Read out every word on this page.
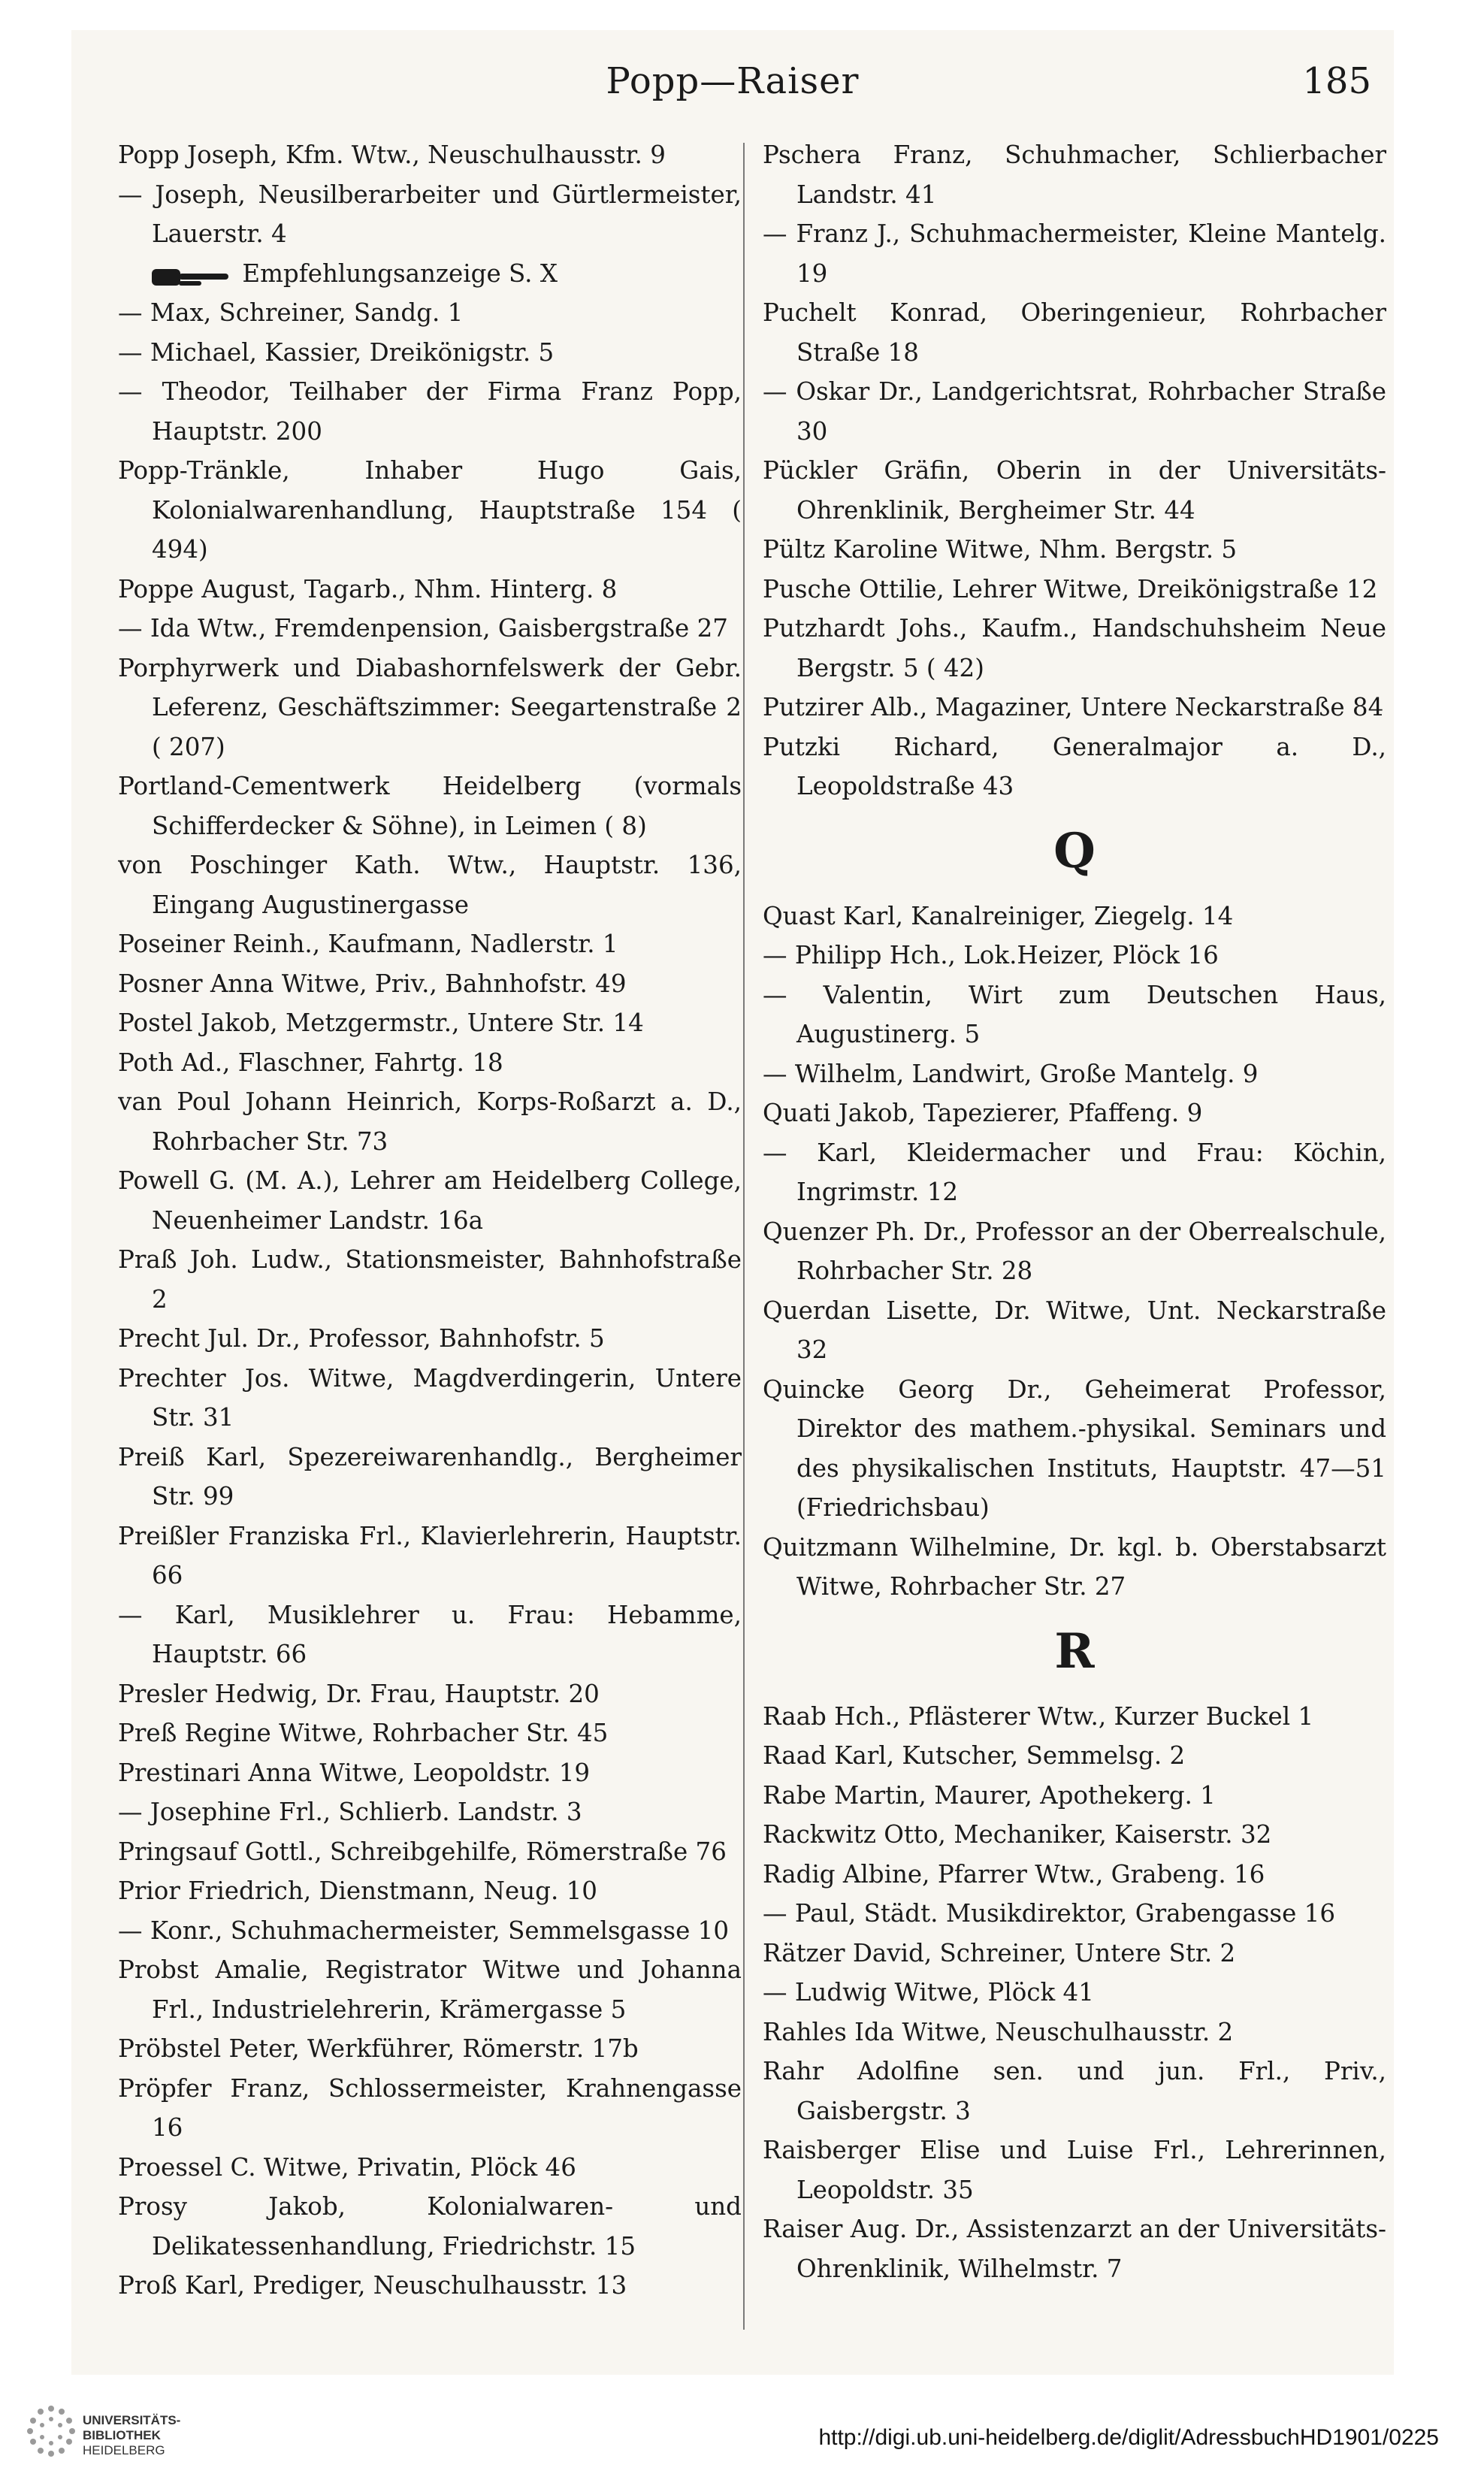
Popp—Raiser	185

Popp Joseph, Kfm. Wtw., Neuschulhausstr. 9

— Joseph, Neusilberarbeiter und Gürtlermeister, Lauerstr. 4

Empfehlungsanzeige S. X

— Max, Schreiner, Sandg. 1

— Michael, Kassier, Dreikönigstr. 5

— Theodor, Teilhaber der Firma Franz Popp, Hauptstr. 200

Popp-Tränkle, Inhaber Hugo Gais, Kolonialwarenhandlung, Hauptstraße 154 ( 494)

Poppe August, Tagarb., Nhm. Hinterg. 8

— Ida Wtw., Fremdenpension, Gaisbergstraße 27

Porphyrwerk und Diabashornfelswerk der Gebr. Leferenz, Geschäftszimmer: Seegartenstraße 2 ( 207)

Portland-Cementwerk Heidelberg (vormals Schifferdecker & Söhne), in Leimen ( 8)

von Poschinger Kath. Wtw., Hauptstr. 136, Eingang Augustinergasse

Poseiner Reinh., Kaufmann, Nadlerstr. 1

Posner Anna Witwe, Priv., Bahnhofstr. 49

Postel Jakob, Metzgermstr., Untere Str. 14

Poth Ad., Flaschner, Fahrtg. 18

van Poul Johann Heinrich, Korps-Roßarzt a. D., Rohrbacher Str. 73

Powell G. (M. A.), Lehrer am Heidelberg College, Neuenheimer Landstr. 16a

Praß Joh. Ludw., Stationsmeister, Bahnhofstraße 2

Precht Jul. Dr., Professor, Bahnhofstr. 5

Prechter Jos. Witwe, Magdverdingerin, Untere Str. 31

Preiß Karl, Spezereiwarenhandlg., Bergheimer Str. 99

Preißler Franziska Frl., Klavierlehrerin, Hauptstr. 66

— Karl, Musiklehrer u. Frau: Hebamme, Hauptstr. 66

Presler Hedwig, Dr. Frau, Hauptstr. 20

Preß Regine Witwe, Rohrbacher Str. 45

Prestinari Anna Witwe, Leopoldstr. 19

— Josephine Frl., Schlierb. Landstr. 3

Pringsauf Gottl., Schreibgehilfe, Römerstraße 76

Prior Friedrich, Dienstmann, Neug. 10

— Konr., Schuhmachermeister, Semmelsgasse 10

Probst Amalie, Registrator Witwe und Johanna Frl., Industrielehrerin, Krämergasse 5

Pröbstel Peter, Werkführer, Römerstr. 17b

Pröpfer Franz, Schlossermeister, Krahnengasse 16

Proessel C. Witwe, Privatin, Plöck 46

Prosy Jakob, Kolonialwaren- und Delikatessenhandlung, Friedrichstr. 15

Proß Karl, Prediger, Neuschulhausstr. 13

Pschera Franz, Schuhmacher, Schlierbacher Landstr. 41

— Franz J., Schuhmachermeister, Kleine Mantelg. 19

Puchelt Konrad, Oberingenieur, Rohrbacher Straße 18

— Oskar Dr., Landgerichtsrat, Rohrbacher Straße 30

Pückler Gräfin, Oberin in der Universitäts-Ohrenklinik, Bergheimer Str. 44

Pültz Karoline Witwe, Nhm. Bergstr. 5

Pusche Ottilie, Lehrer Witwe, Dreikönigstraße 12

Putzhardt Johs., Kaufm., Handschuhsheim Neue Bergstr. 5 ( 42)

Putzirer Alb., Magaziner, Untere Neckarstraße 84

Putzki Richard, Generalmajor a. D., Leopoldstraße 43

Q

Quast Karl, Kanalreiniger, Ziegelg. 14

— Philipp Hch., Lok.Heizer, Plöck 16

— Valentin, Wirt zum Deutschen Haus, Augustinerg. 5

— Wilhelm, Landwirt, Große Mantelg. 9

Quati Jakob, Tapezierer, Pfaffeng. 9

— Karl, Kleidermacher und Frau: Köchin, Ingrimstr. 12

Quenzer Ph. Dr., Professor an der Oberrealschule, Rohrbacher Str. 28

Querdan Lisette, Dr. Witwe, Unt. Neckarstraße 32

Quincke Georg Dr., Geheimerat Professor, Direktor des mathem.-physikal. Seminars und des physikalischen Instituts, Hauptstr. 47—51 (Friedrichsbau)

Quitzmann Wilhelmine, Dr. kgl. b. Oberstabsarzt Witwe, Rohrbacher Str. 27

R

Raab Hch., Pflästerer Wtw., Kurzer Buckel 1

Raad Karl, Kutscher, Semmelsg. 2

Rabe Martin, Maurer, Apothekerg. 1

Rackwitz Otto, Mechaniker, Kaiserstr. 32

Radig Albine, Pfarrer Wtw., Grabeng. 16

— Paul, Städt. Musikdirektor, Grabengasse 16

Rätzer David, Schreiner, Untere Str. 2

— Ludwig Witwe, Plöck 41

Rahles Ida Witwe, Neuschulhausstr. 2

Rahr Adolfine sen. und jun. Frl., Priv., Gaisbergstr. 3

Raisberger Elise und Luise Frl., Lehrerinnen, Leopoldstr. 35

Raiser Aug. Dr., Assistenzarzt an der Universitäts-Ohrenklinik, Wilhelmstr. 7

UNIVERSITÄTS-
BIBLIOTHEK
HEIDELBERG
http://digi.ub.uni-heidelberg.de/diglit/AdressbuchHD1901/0225
